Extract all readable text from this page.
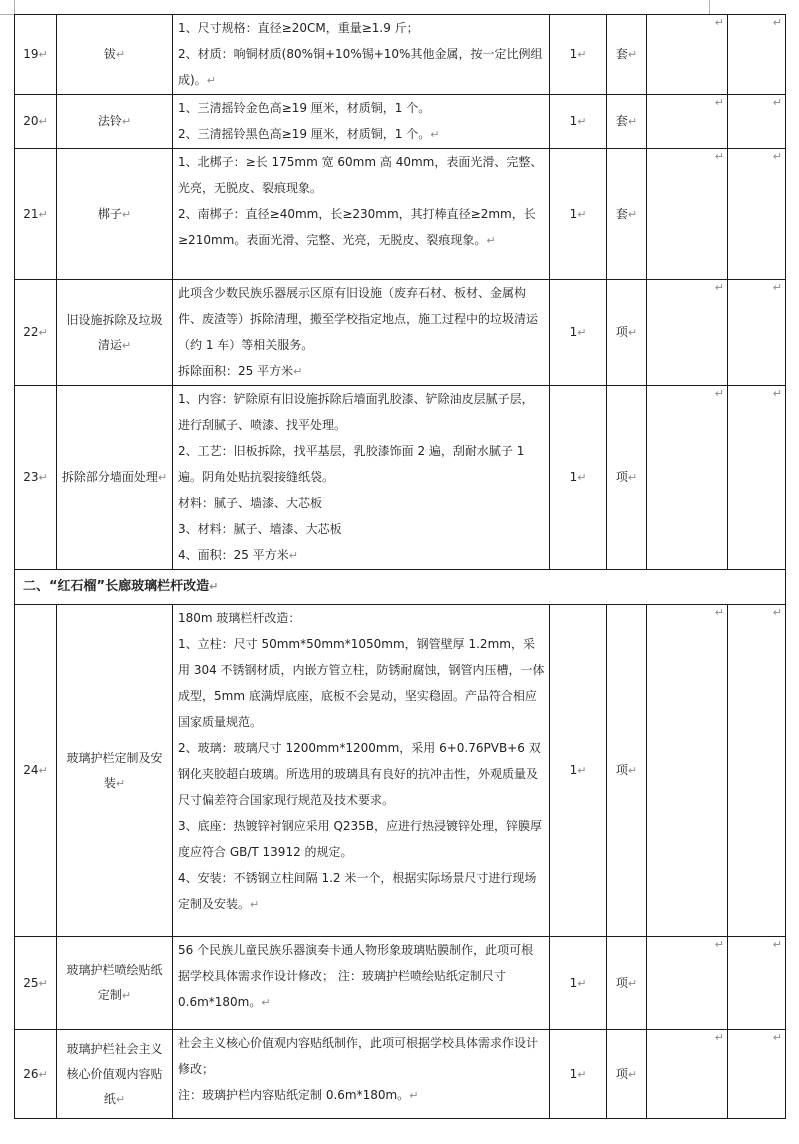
19↵	钹↵	1、尺寸规格：直径≥20CM，重量≥1.9 斤；
2、材质：响铜材质(80%铜+10%锡+10%其他金属，按一定比例组成)。↵	1↵	套↵	↵	↵
20↵	法铃↵	1、三清摇铃金色高≥19 厘米，材质铜，1 个。
2、三清摇铃黑色高≥19 厘米，材质铜，1 个。↵	1↵	套↵	↵	↵
21↵	梆子↵	1、北梆子：≥长 175mm 宽 60mm 高 40mm，表面光滑、完整、光亮，无脱皮、裂痕现象。
2、南梆子：直径≥40mm，长≥230mm，其打棒直径≥2mm，长≥210mm。表面光滑、完整、光亮，无脱皮、裂痕现象。↵	1↵	套↵	↵	↵
22↵	旧设施拆除及垃圾清运↵	此项含少数民族乐器展示区原有旧设施（废弃石材、板材、金属构件、废渣等）拆除清理，搬至学校指定地点，施工过程中的垃圾清运（约 1 车）等相关服务。
拆除面积：25 平方米↵	1↵	项↵	↵	↵
23↵	拆除部分墙面处理↵	1、内容：铲除原有旧设施拆除后墙面乳胶漆、铲除油皮层腻子层，进行刮腻子、喷漆、找平处理。
2、工艺：旧板拆除，找平基层，乳胶漆饰面 2 遍，刮耐水腻子 1 遍。阴角处贴抗裂接缝纸袋。
材料：腻子、墙漆、大芯板
3、材料：腻子、墙漆、大芯板
4、面积：25 平方米↵	1↵	项↵	↵	↵
二、“红石榴”长廊玻璃栏杆改造↵						
24↵	玻璃护栏定制及安装↵	180m 玻璃栏杆改造：
1、立柱：尺寸 50mm*50mm*1050mm，钢管壁厚 1.2mm，采用 304 不锈钢材质，内嵌方管立柱，防锈耐腐蚀，钢管内压槽，一体成型，5mm 底满焊底座，底板不会晃动，坚实稳固。产品符合相应国家质量规范。
2、玻璃：玻璃尺寸 1200mm*1200mm，采用 6+0.76PVB+6 双钢化夹胶超白玻璃。所选用的玻璃具有良好的抗冲击性，外观质量及尺寸偏差符合国家现行规范及技术要求。
3、底座：热镀锌衬钢应采用 Q235B，应进行热浸镀锌处理，锌膜厚度应符合 GB/T 13912 的规定。
4、安装：不锈钢立柱间隔 1.2 米一个，根据实际场景尺寸进行现场定制及安装。↵	1↵	项↵	↵	↵
25↵	玻璃护栏喷绘贴纸定制↵	56 个民族儿童民族乐器演奏卡通人物形象玻璃贴膜制作，此项可根据学校具体需求作设计修改； 注：玻璃护栏喷绘贴纸定制尺寸 0.6m*180m。↵	1↵	项↵	↵	↵
26↵	玻璃护栏社会主义核心价值观内容贴纸↵	社会主义核心价值观内容贴纸制作，此项可根据学校具体需求作设计修改；
注：玻璃护栏内容贴纸定制 0.6m*180m。↵	1↵	项↵	↵	↵
